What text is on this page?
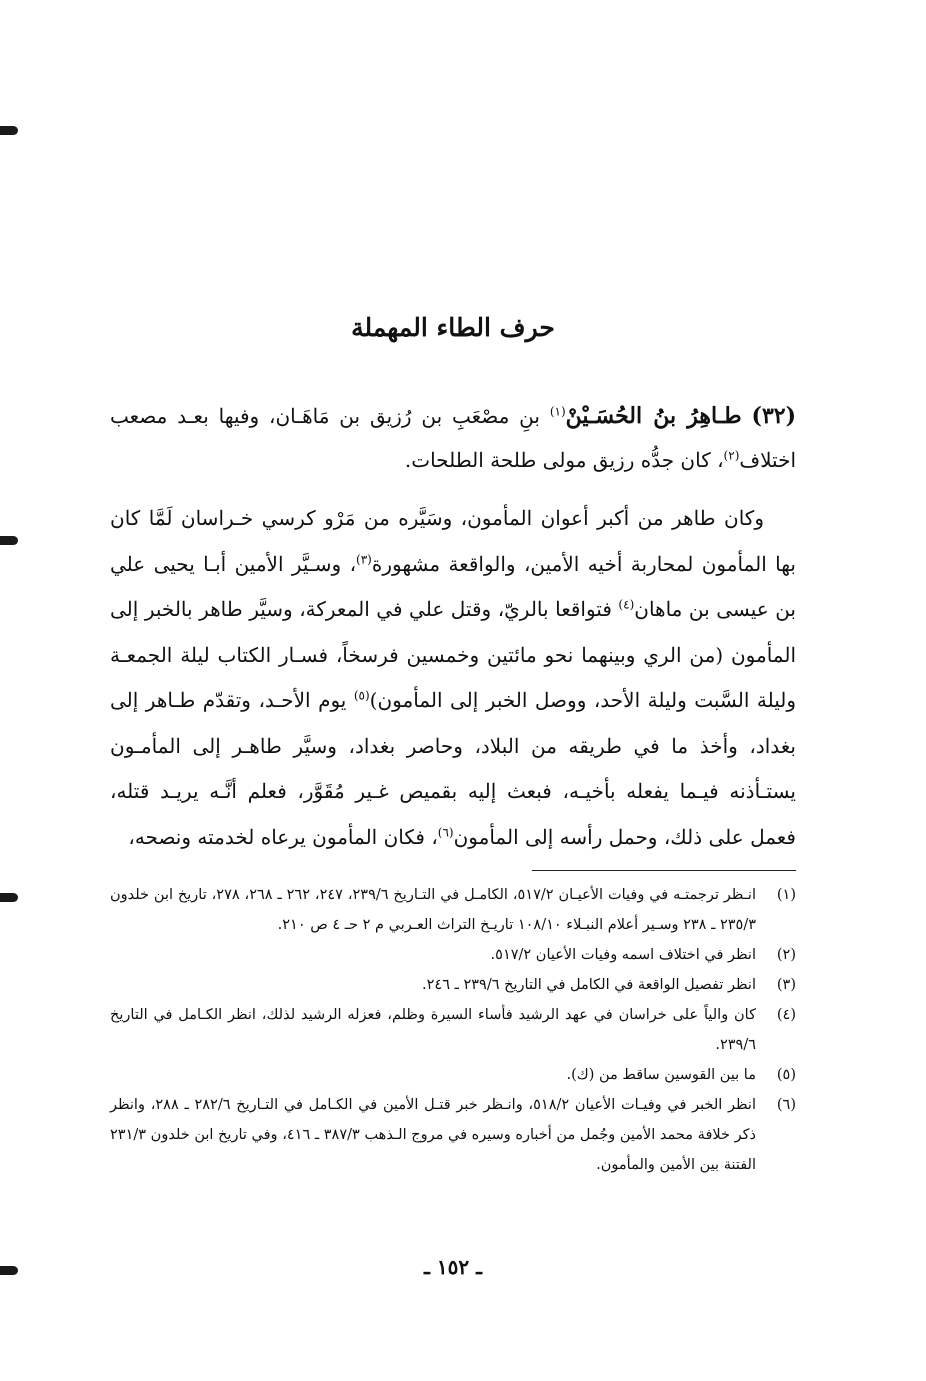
حرف الطاء المهملة
(٣٢) طـاهِرُ بنُ الحُسَـيْنْ$^{(١)}$ بنِ مصْعَبِ بن رُزيق بن مَاهَـان، وفيها بعـد مصعب اختلاف$^{(٢)}$، كان جدُّه رزيق مولى طلحة الطلحات.
وكان طاهر من أكبر أعوان المأمون، وسَيَّره من مَرْو كرسي خـراسان لَمَّا كان بها المأمون لمحاربة أخيه الأمين، والواقعة مشهورة$^{(٣)}$، وسـيَّر الأمين أبـا يحيى علي بن عيسى بن ماهان$^{(٤)}$ فتواقعا بالريّ، وقتل علي في المعركة، وسيَّر طاهر بالخبر إلى المأمون (من الري وبينهما نحو مائتين وخمسين فرسخاً، فسـار الكتاب ليلة الجمعـة وليلة السَّبت وليلة الأحد، ووصل الخبر إلى المأمون)$^{(٥)}$ يوم الأحـد، وتقدّم طـاهر إلى بغداد، وأخذ ما في طريقه من البلاد، وحاصر بغداد، وسيَّر طاهـر إلى المأمـون يستـأذنه فيـما يفعله بأخيـه، فبعث إليه بقميص غـير مُقَوَّر، فعلم أنَّـه يريـد قتله، فعمل على ذلك، وحمل رأسه إلى المأمون$^{(٦)}$، فكان المأمون يرعاه لخدمته ونصحه،
(١)
انـظر ترجمتـه في وفيات الأعيـان ٥١٧/٢، الكامـل في التـاريخ ٢٣٩/٦، ٢٤٧، ٢٦٢ ـ ٢٦٨، ٢٧٨، تاريخ ابن خلدون ٢٣٥/٣ ـ ٢٣٨ وسـير أعلام النبـلاء ١٠٨/١٠ تاريـخ التراث العـربي م ٢ حـ ٤ ص ٢١٠.
(٢)
انظر في اختلاف اسمه وفيات الأعيان ٥١٧/٢.
(٣)
انظر تفصيل الواقعة في الكامل في التاريخ ٢٣٩/٦ ـ ٢٤٦.
(٤)
كان والياً على خراسان في عهد الرشيد فأساء السيرة وظلم، فعزله الرشيد لذلك، انظر الكـامل في التاريخ ٢٣٩/٦.
(٥)
ما بين القوسين ساقط من (ك).
(٦)
انظر الخبر في وفيـات الأعيان ٥١٨/٢، وانـظر خبر قتـل الأمين في الكـامل في التـاريخ ٢٨٢/٦ ـ ٢٨٨، وانظر ذكر خلافة محمد الأمين وجُمل من أخباره وسيره في مروج الـذهب ٣٨٧/٣ ـ ٤١٦، وفي تاريخ ابن خلدون ٢٣١/٣ الفتنة بين الأمين والمأمون.
ـ ١٥٢ ـ
